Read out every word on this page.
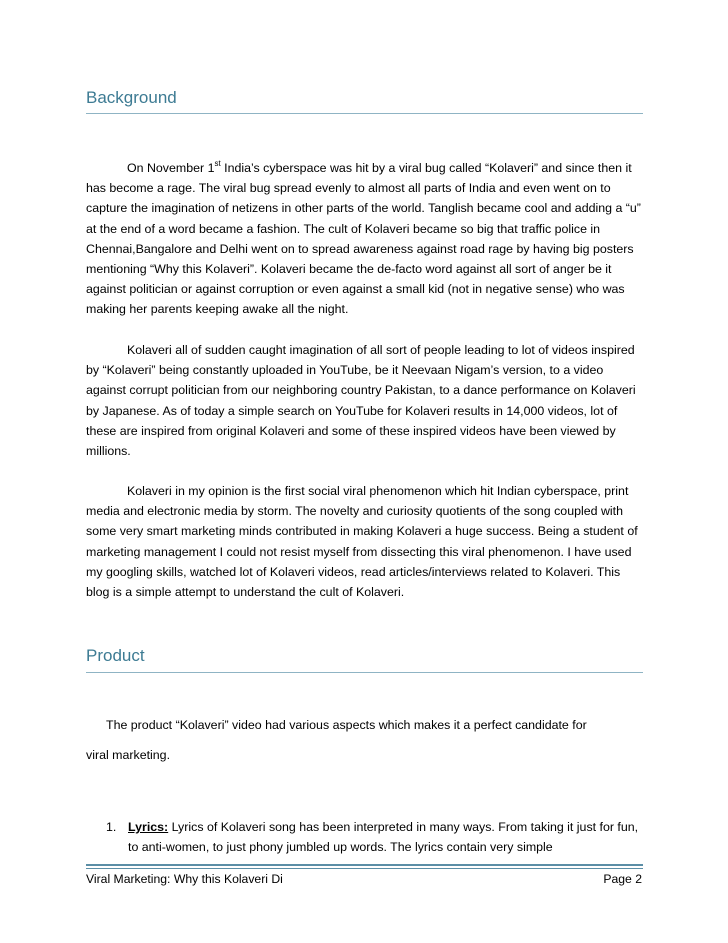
Background

On November 1st India’s cyberspace was hit by a viral bug called “Kolaveri” and since then it has become a rage. The viral bug spread evenly to almost all parts of India and even went on to capture the imagination of netizens in other parts of the world. Tanglish became cool and adding a “u” at the end of a word became a fashion. The cult of Kolaveri became so big that traffic police in Chennai,Bangalore and Delhi went on to spread awareness against road rage by having big posters mentioning “Why this Kolaveri”. Kolaveri became the de-facto word against all sort of anger be it against politician or against corruption or even against a small kid (not in negative sense) who was making her parents keeping awake all the night.

Kolaveri all of sudden caught imagination of all sort of people leading to lot of videos inspired by “Kolaveri” being constantly uploaded in YouTube, be it Neevaan Nigam’s version, to a video against corrupt politician from our neighboring country Pakistan, to a dance performance on Kolaveri by Japanese. As of today a simple search on YouTube for Kolaveri results in 14,000 videos, lot of these are inspired from original Kolaveri and some of these inspired videos have been viewed by millions.

Kolaveri in my opinion is the first social viral phenomenon which hit Indian cyberspace, print media and electronic media by storm. The novelty and curiosity quotients of the song coupled with some very smart marketing minds contributed in making Kolaveri a huge success. Being a student of marketing management I could not resist myself from dissecting this viral phenomenon. I have used my googling skills, watched lot of Kolaveri videos, read articles/interviews related to Kolaveri. This blog is a simple attempt to understand the cult of Kolaveri.

Product

The product “Kolaveri” video had various aspects which makes it a perfect candidate for

viral marketing.

1. Lyrics: Lyrics of Kolaveri song has been interpreted in many ways. From taking it just for fun, to anti-women, to just phony jumbled up words. The lyrics contain very simple
Viral Marketing: Why this Kolaveri Di	Page 2
